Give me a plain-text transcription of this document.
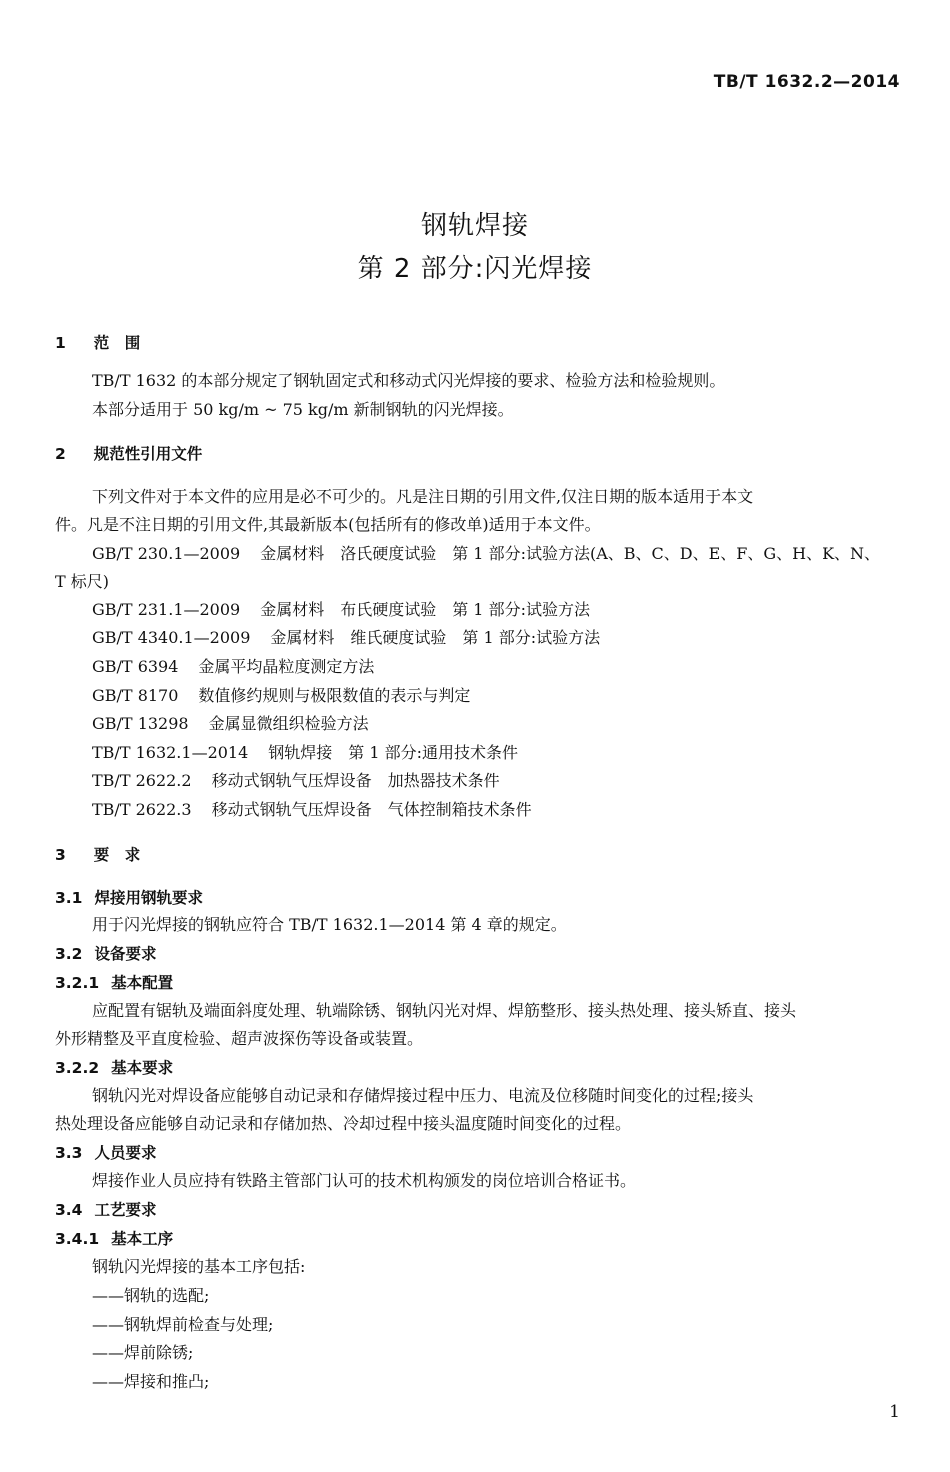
TB/T 1632.2—2014
钢轨焊接
第 2 部分:闪光焊接
1 范　围
TB/T 1632 的本部分规定了钢轨固定式和移动式闪光焊接的要求、检验方法和检验规则。
本部分适用于 50 kg/m ~ 75 kg/m 新制钢轨的闪光焊接。
2 规范性引用文件
下列文件对于本文件的应用是必不可少的。凡是注日期的引用文件,仅注日期的版本适用于本文
件。凡是不注日期的引用文件,其最新版本(包括所有的修改单)适用于本文件。
GB/T 230.1—2009 金属材料　洛氏硬度试验　第 1 部分:试验方法(A、B、C、D、E、F、G、H、K、N、
T 标尺)
GB/T 231.1—2009 金属材料　布氏硬度试验　第 1 部分:试验方法
GB/T 4340.1—2009 金属材料　维氏硬度试验　第 1 部分:试验方法
GB/T 6394 金属平均晶粒度测定方法
GB/T 8170 数值修约规则与极限数值的表示与判定
GB/T 13298 金属显微组织检验方法
TB/T 1632.1—2014 钢轨焊接　第 1 部分:通用技术条件
TB/T 2622.2 移动式钢轨气压焊设备　加热器技术条件
TB/T 2622.3 移动式钢轨气压焊设备　气体控制箱技术条件
3 要　求
3.1 焊接用钢轨要求
用于闪光焊接的钢轨应符合 TB/T 1632.1—2014 第 4 章的规定。
3.2 设备要求
3.2.1 基本配置
应配置有锯轨及端面斜度处理、轨端除锈、钢轨闪光对焊、焊筋整形、接头热处理、接头矫直、接头
外形精整及平直度检验、超声波探伤等设备或装置。
3.2.2 基本要求
钢轨闪光对焊设备应能够自动记录和存储焊接过程中压力、电流及位移随时间变化的过程;接头
热处理设备应能够自动记录和存储加热、冷却过程中接头温度随时间变化的过程。
3.3 人员要求
焊接作业人员应持有铁路主管部门认可的技术机构颁发的岗位培训合格证书。
3.4 工艺要求
3.4.1 基本工序
钢轨闪光焊接的基本工序包括:
——钢轨的选配;
——钢轨焊前检查与处理;
——焊前除锈;
——焊接和推凸;
1
